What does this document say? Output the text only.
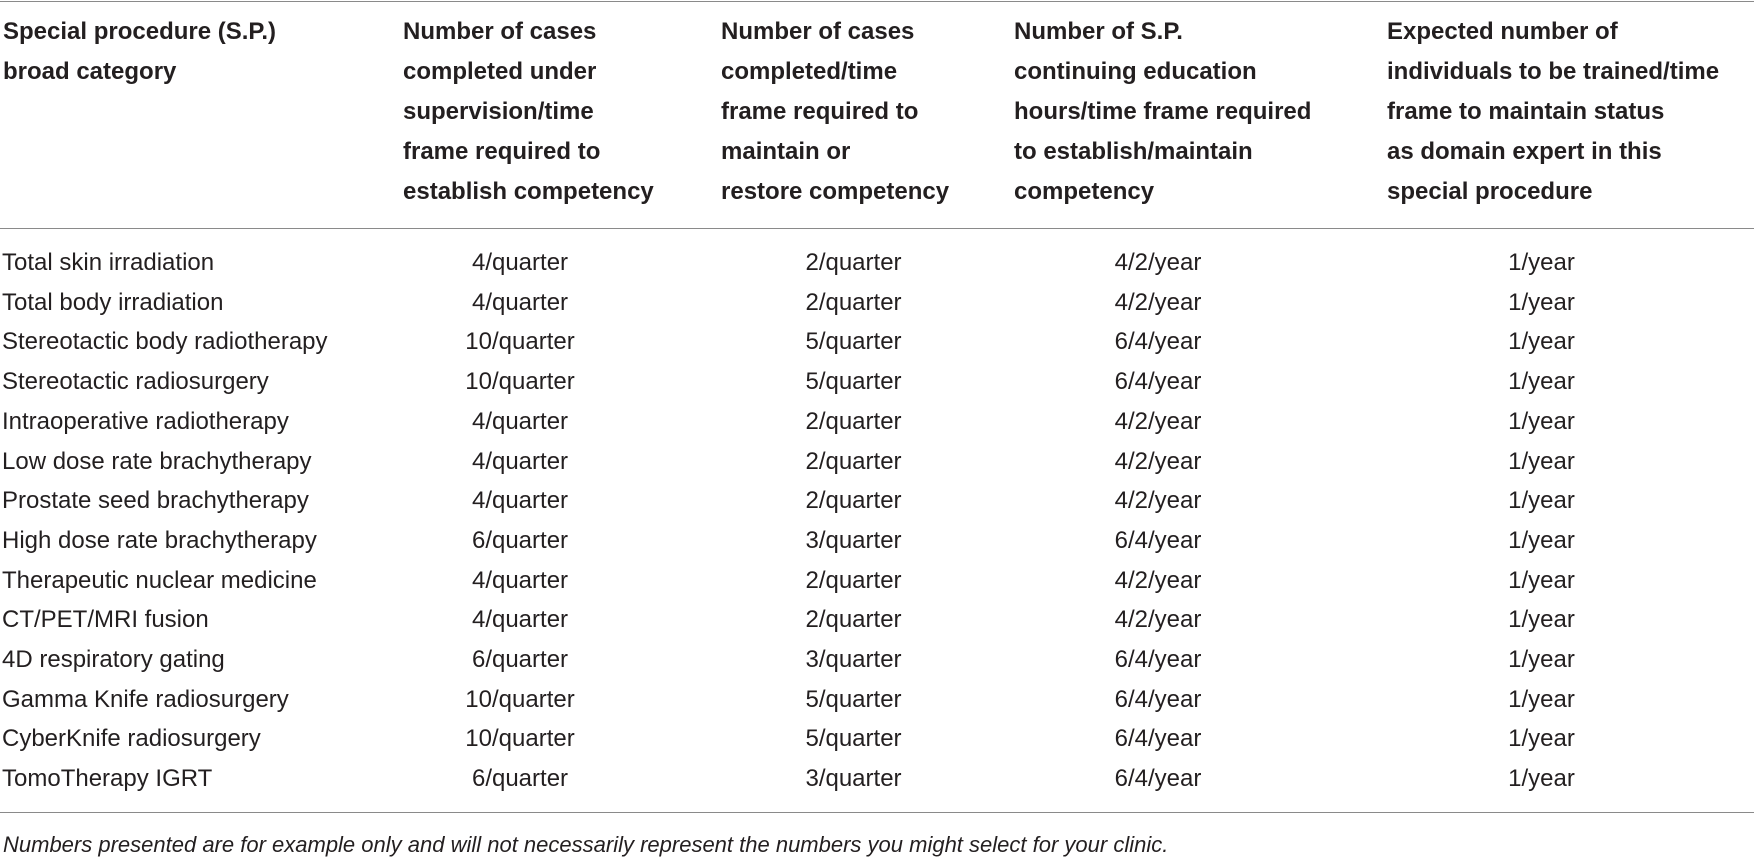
Special procedure (S.P.)
broad category	Number of cases
completed under
supervision/time
frame required to
establish competency	Number of cases
completed/time
frame required to
maintain or
restore competency	Number of S.P.
continuing education
hours/time frame required
to establish/maintain
competency	Expected number of
individuals to be trained/time
frame to maintain status
as domain expert in this
special procedure

Total skin irradiation	4/quarter	2/quarter	4/2/year	1/year
Total body irradiation	4/quarter	2/quarter	4/2/year	1/year
Stereotactic body radiotherapy	10/quarter	5/quarter	6/4/year	1/year
Stereotactic radiosurgery	10/quarter	5/quarter	6/4/year	1/year
Intraoperative radiotherapy	4/quarter	2/quarter	4/2/year	1/year
Low dose rate brachytherapy	4/quarter	2/quarter	4/2/year	1/year
Prostate seed brachytherapy	4/quarter	2/quarter	4/2/year	1/year
High dose rate brachytherapy	6/quarter	3/quarter	6/4/year	1/year
Therapeutic nuclear medicine	4/quarter	2/quarter	4/2/year	1/year
CT/PET/MRI fusion	4/quarter	2/quarter	4/2/year	1/year
4D respiratory gating	6/quarter	3/quarter	6/4/year	1/year
Gamma Knife radiosurgery	10/quarter	5/quarter	6/4/year	1/year
CyberKnife radiosurgery	10/quarter	5/quarter	6/4/year	1/year
TomoTherapy IGRT	6/quarter	3/quarter	6/4/year	1/year
Numbers presented are for example only and will not necessarily represent the numbers you might select for your clinic.
